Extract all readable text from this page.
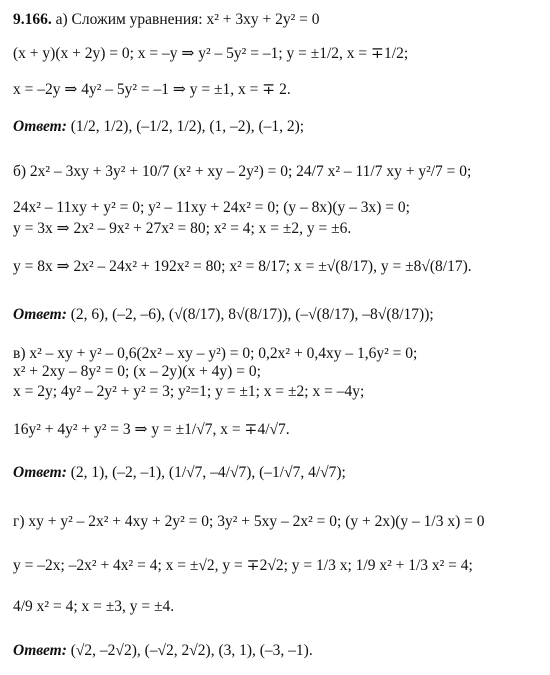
9.166. а) Сложим уравнения: x² + 3xy + 2y² = 0
(x + y)(x + 2y) = 0; x = –y ⇒ y² – 5y² = –1; y = ±1/2, x = ∓1/2;
x = –2y ⇒ 4y² – 5y² = –1 ⇒ y = ±1, x = ∓ 2.
Ответ: (1/2, 1/2), (–1/2, 1/2), (1, –2), (–1, 2);
б) 2x² – 3xy + 3y² + 10/7 (x² + xy – 2y²) = 0; 24/7 x² – 11/7 xy + y²/7 = 0;
24x² – 11xy + y² = 0; y² – 11xy + 24x² = 0; (y – 8x)(y – 3x) = 0;
y = 3x ⇒ 2x² – 9x² + 27x² = 80; x² = 4; x = ±2, y = ±6.
y = 8x ⇒ 2x² – 24x² + 192x² = 80; x² = 8/17; x = ±√(8/17), y = ±8√(8/17).
Ответ: (2, 6), (–2, –6), (√(8/17), 8√(8/17)), (–√(8/17), –8√(8/17));
в) x² – xy + y² – 0,6(2x² – xy – y²) = 0; 0,2x² + 0,4xy – 1,6y² = 0;
x² + 2xy – 8y² = 0; (x – 2y)(x + 4y) = 0;
x = 2y; 4y² – 2y² + y² = 3; y²=1; y = ±1; x = ±2; x = –4y;
16y² + 4y² + y² = 3 ⇒ y = ±1/√7, x = ∓4/√7.
Ответ: (2, 1), (–2, –1), (1/√7, –4/√7), (–1/√7, 4/√7);
г) xy + y² – 2x² + 4xy + 2y² = 0; 3y² + 5xy – 2x² = 0; (y + 2x)(y – 1/3 x) = 0
y = –2x; –2x² + 4x² = 4; x = ±√2, y = ∓2√2; y = 1/3 x; 1/9 x² + 1/3 x² = 4;
4/9 x² = 4; x = ±3, y = ±4.
Ответ: (√2, –2√2), (–√2, 2√2), (3, 1), (–3, –1).
